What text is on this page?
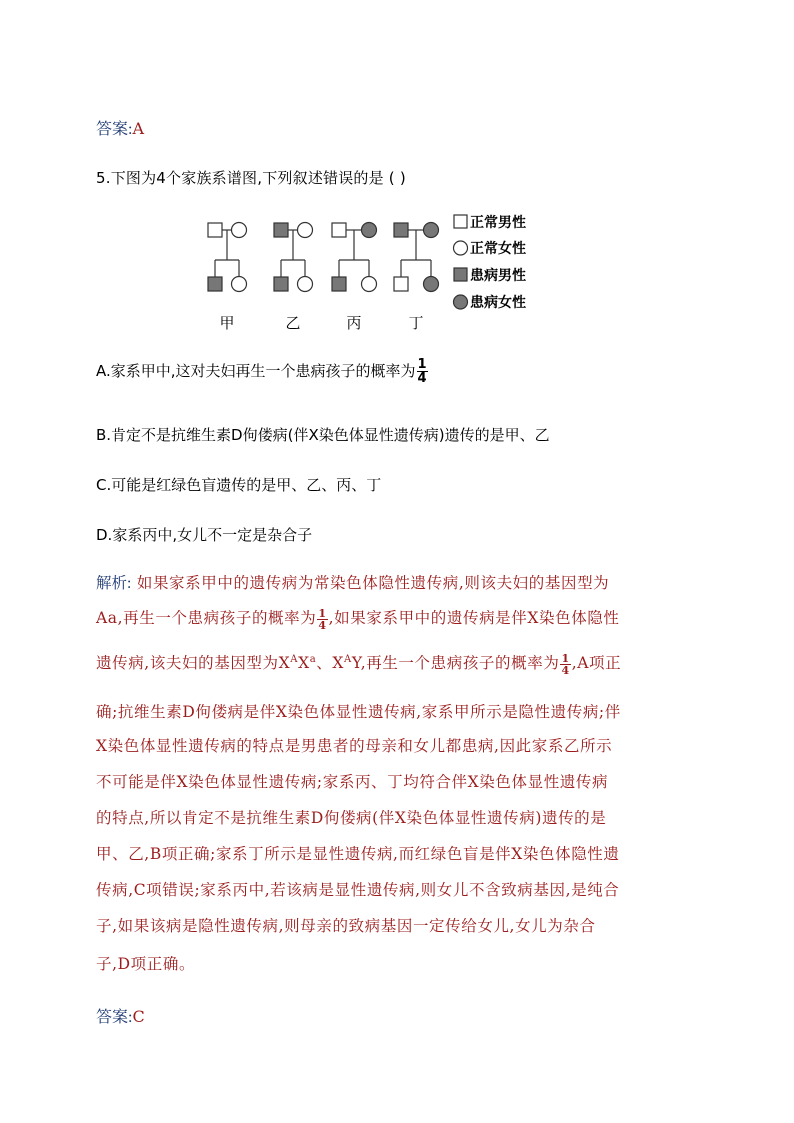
答案:A
5.下图为4个家族系谱图,下列叙述错误的是 ( )
正常男性
正常女性
患病男性
患病女性
甲	乙	丙	丁
A.家系甲中,这对夫妇再生一个患病孩子的概率为 $\frac{1}{4}$
B.肯定不是抗维生素D佝偻病(伴X染色体显性遗传病)遗传的是甲、乙
C.可能是红绿色盲遗传的是甲、乙、丙、丁
D.家系丙中,女儿不一定是杂合子
解析: 如果家系甲中的遗传病为常染色体隐性遗传病,则该夫妇的基因型为
Aa,再生一个患病孩子的概率为 $\frac{1}{4}$ ,如果家系甲中的遗传病是伴X染色体隐性
遗传病,该夫妇的基因型为$X^AX^a$、$X^AY$,再生一个患病孩子的概率为 $\frac{1}{4} ,A$项正
确;抗维生素D佝偻病是伴X染色体显性遗传病,家系甲所示是隐性遗传病;伴
X染色体显性遗传病的特点是男患者的母亲和女儿都患病,因此家系乙所示
不可能是伴X染色体显性遗传病;家系丙、丁均符合伴X染色体显性遗传病
的特点,所以肯定不是抗维生素D佝偻病(伴X染色体显性遗传病)遗传的是
甲、乙,B项正确;家系丁所示是显性遗传病,而红绿色盲是伴X染色体隐性遗
传病,C项错误;家系丙中,若该病是显性遗传病,则女儿不含致病基因,是纯合
子,如果该病是隐性遗传病,则母亲的致病基因一定传给女儿,女儿为杂合
子,D项正确。
答案:C
